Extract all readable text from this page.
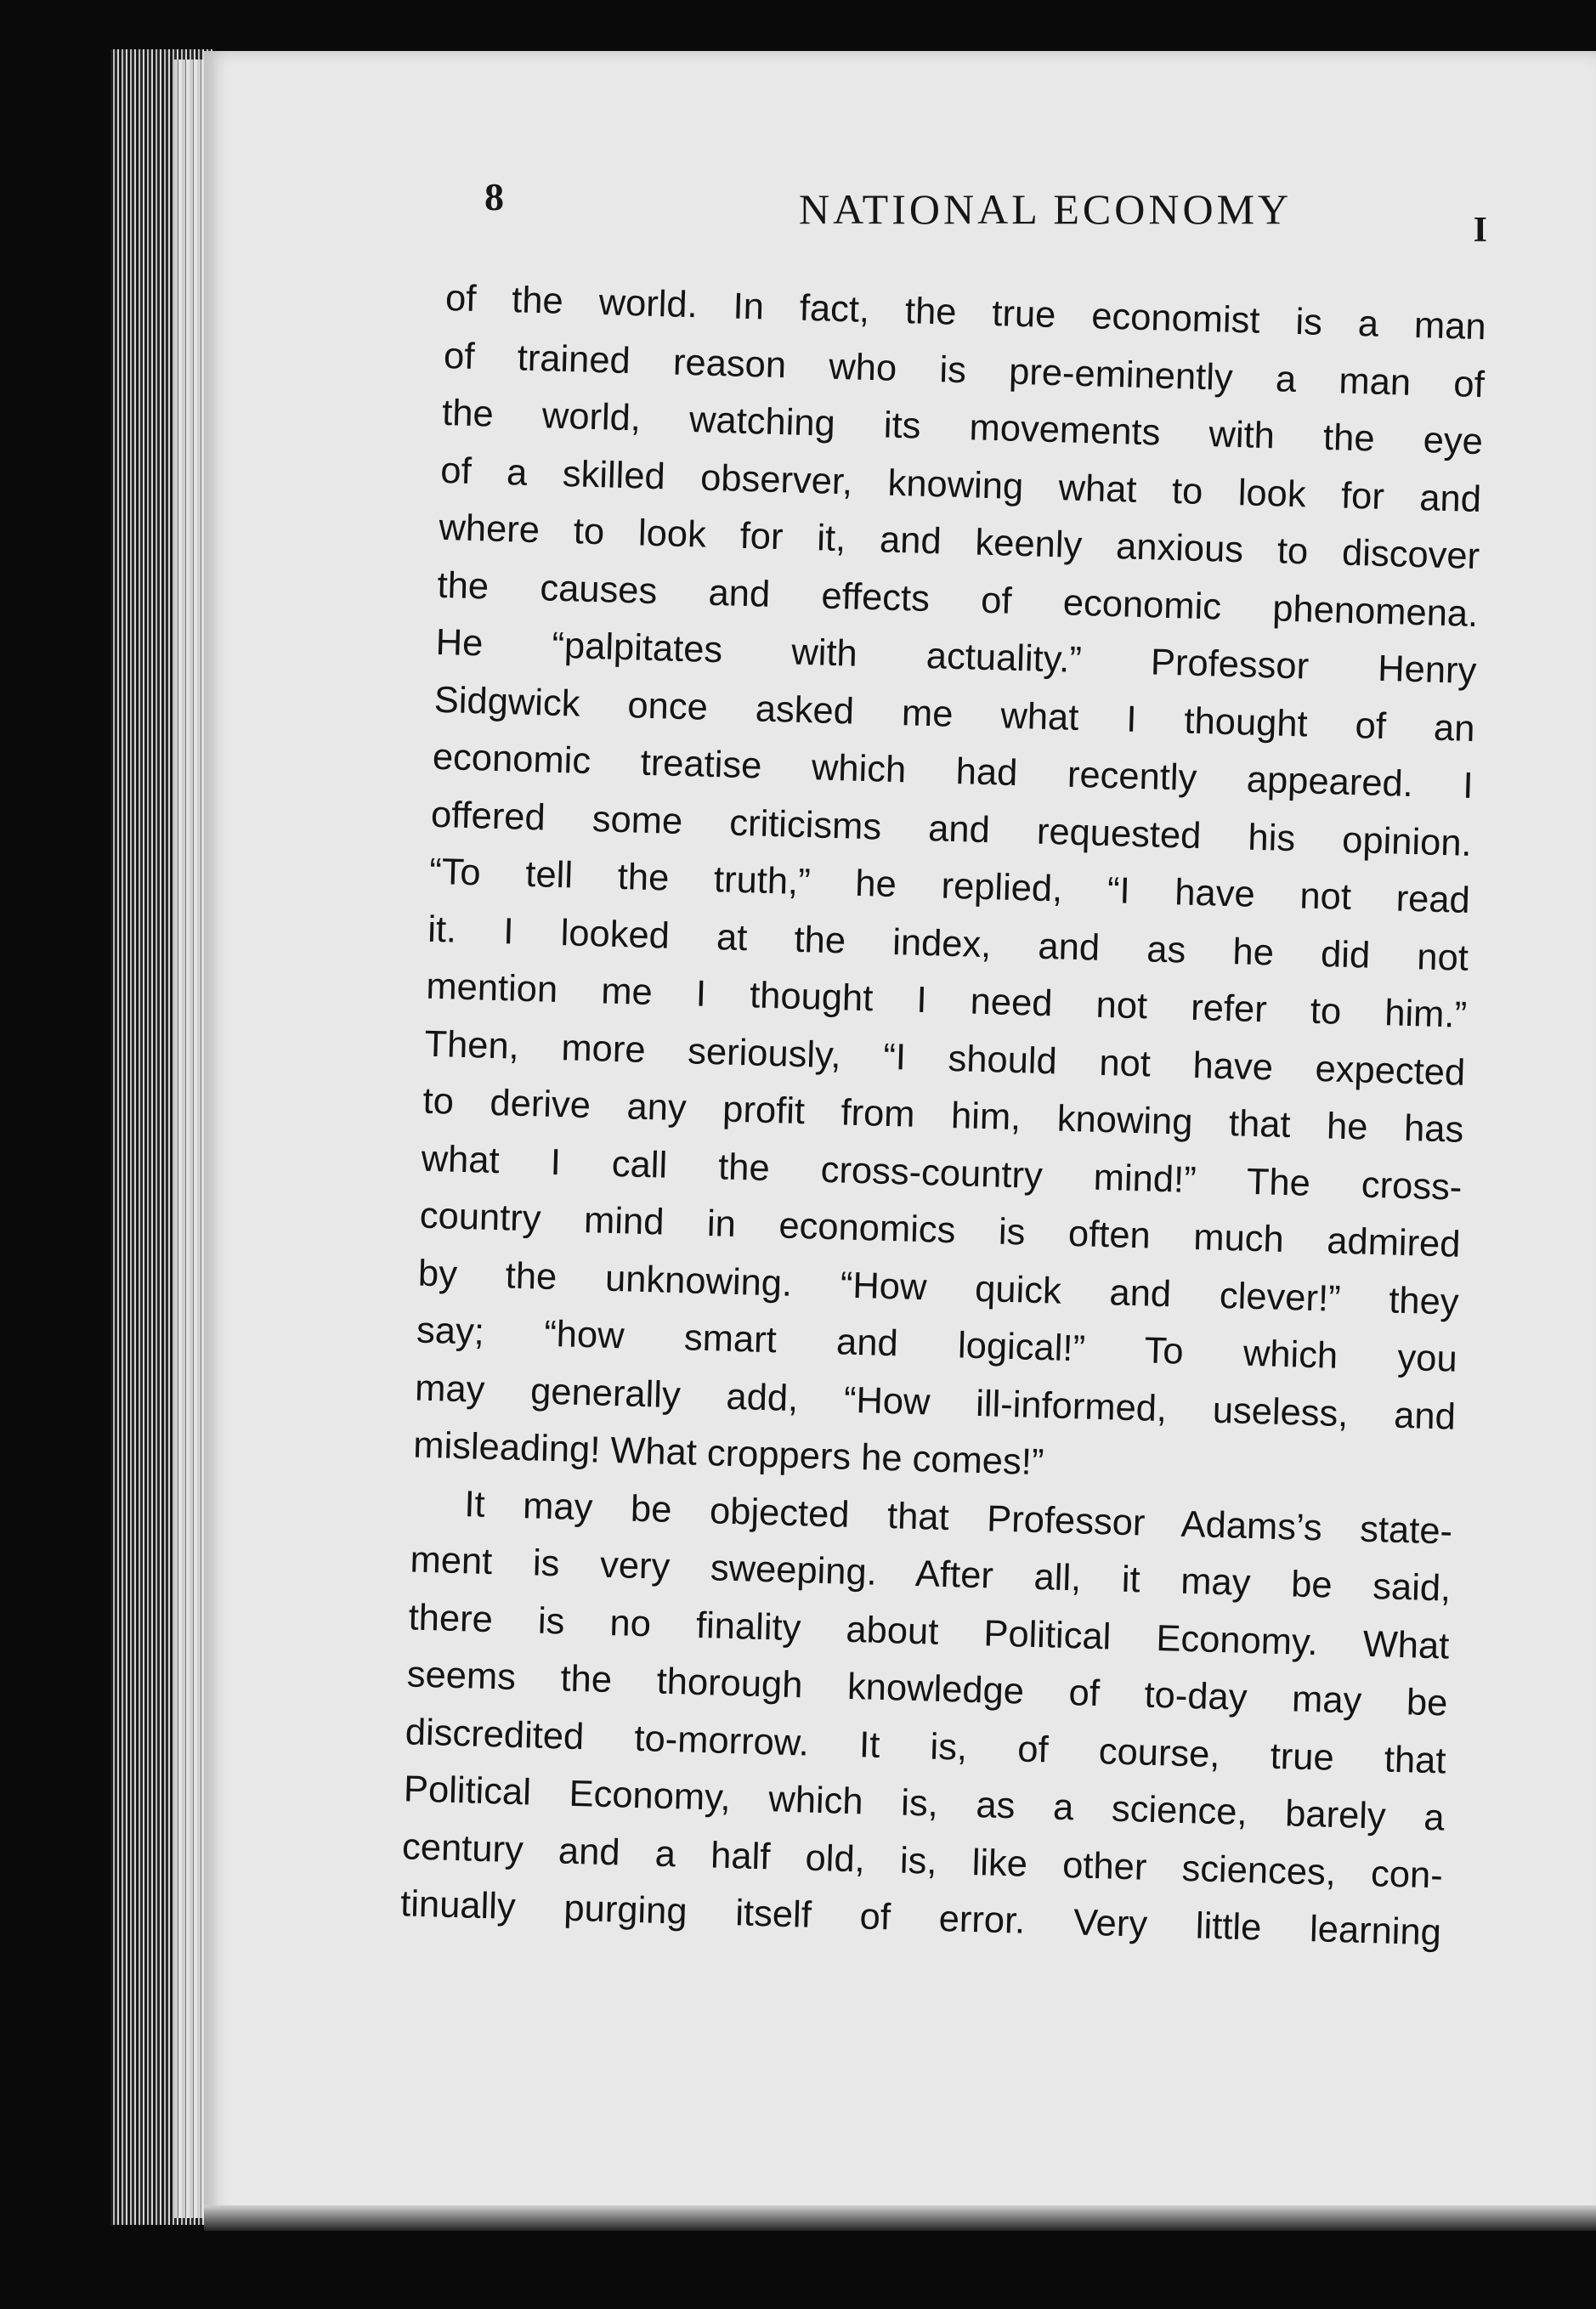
8	NATIONAL ECONOMY	I
of the world. In fact, the true economist is a man
of trained reason who is pre-eminently a man of
the world, watching its movements with the eye
of a skilled observer, knowing what to look for and
where to look for it, and keenly anxious to discover
the causes and effects of economic phenomena.
He “palpitates with actuality.” Professor Henry
Sidgwick once asked me what I thought of an
economic treatise which had recently appeared. I
offered some criticisms and requested his opinion.
“To tell the truth,” he replied, “I have not read
it. I looked at the index, and as he did not
mention me I thought I need not refer to him.”
Then, more seriously, “I should not have expected
to derive any profit from him, knowing that he has
what I call the cross-country mind!” The cross-
country mind in economics is often much admired
by the unknowing. “How quick and clever!” they
say; “how smart and logical!” To which you
may generally add, “How ill-informed, useless, and
misleading! What croppers he comes!”
It may be objected that Professor Adams’s state-
ment is very sweeping. After all, it may be said,
there is no finality about Political Economy. What
seems the thorough knowledge of to-day may be
discredited to-morrow. It is, of course, true that
Political Economy, which is, as a science, barely a
century and a half old, is, like other sciences, con-
tinually purging itself of error. Very little learning
